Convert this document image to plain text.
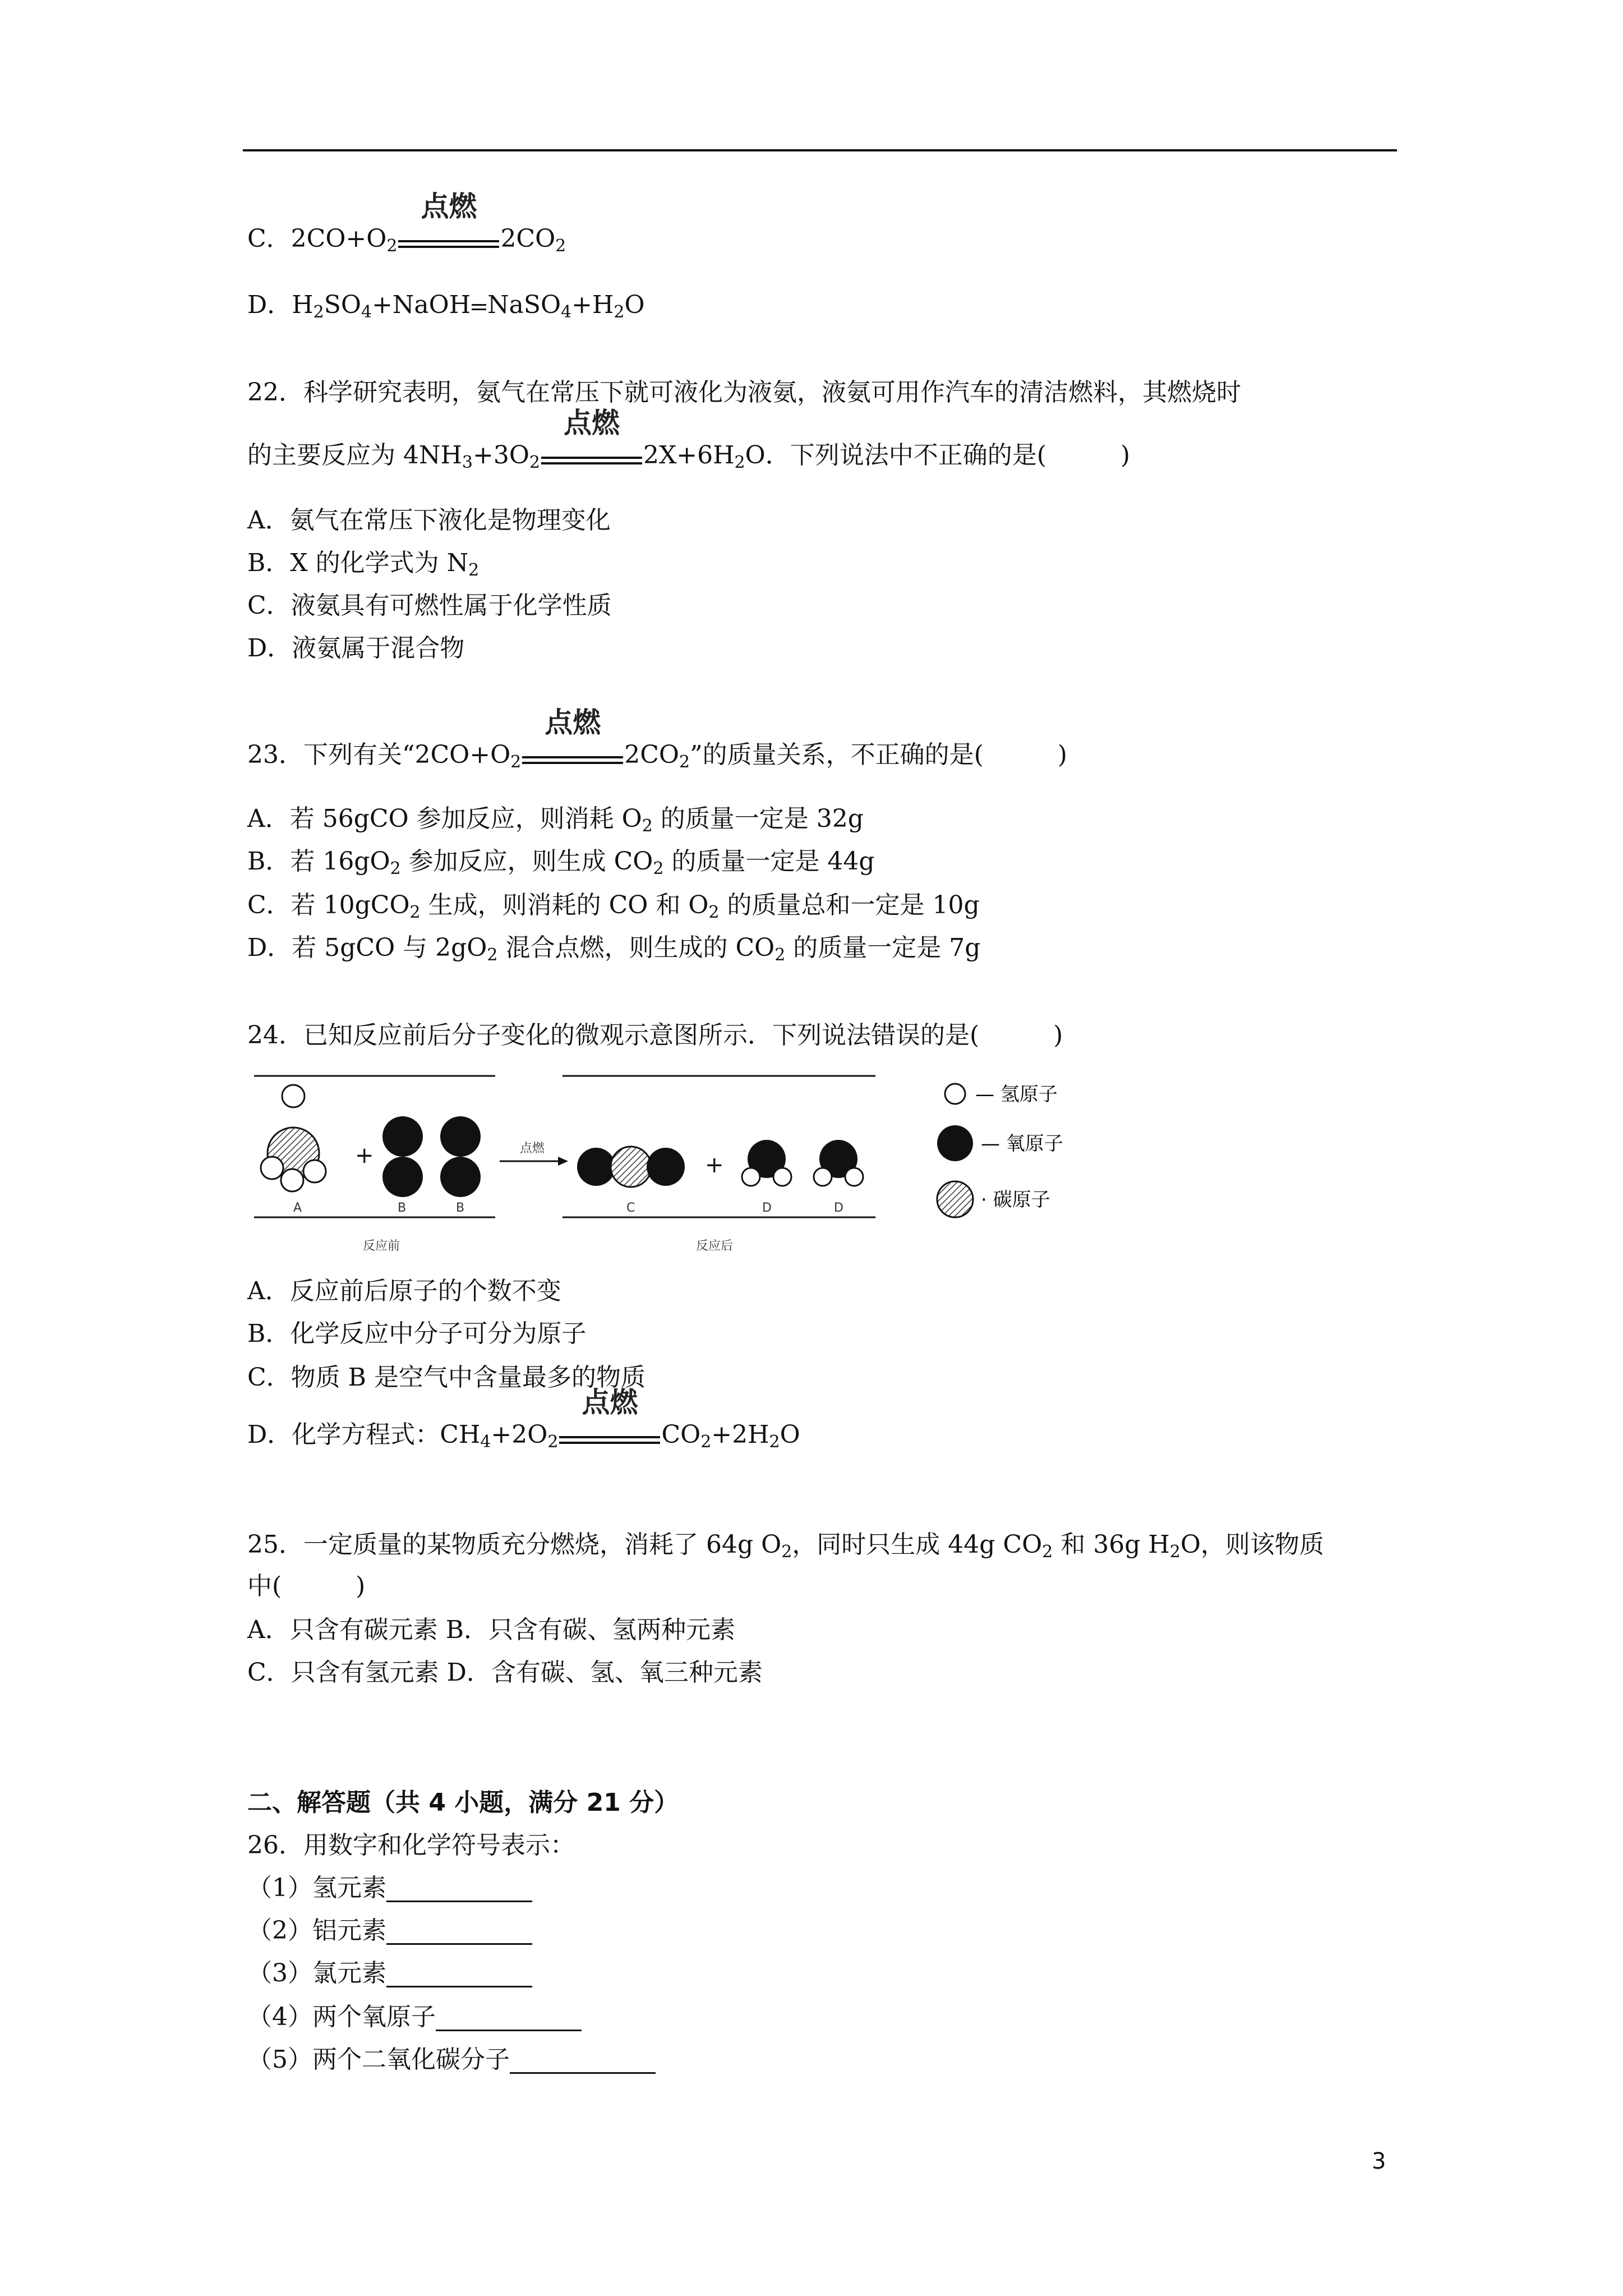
C．$2CO+O_2$
点燃
$2CO_2$
D．$H_2SO_4+NaOH$ $NaSO_4+H_2O$
22．科学研究表明，氨气在常压下就可液化为液氨，液氨可用作汽车的清洁燃料，其燃烧时
的主要反应为 $4NH_3+3O_2$
点燃
$2X+6H_2O$．下列说法中不正确的是(　　　)
A．氨气在常压下液化是物理变化
B．X 的化学式为 $N_2$
C．液氨具有可燃性属于化学性质
D．液氨属于混合物
23．下列有关“$2CO+O_2$
点燃
$2CO_2$”的质量关系，不正确的是(　　　)
A．若 56gCO 参加反应，则消耗 $O_2$ 的质量一定是 32g
B．若 $16gO_2$ 参加反应，则生成 $CO_2$ 的质量一定是 44g
C．若 10gCO$_2$ 生成，则消耗的 CO 和 $O_2$ 的质量总和一定是 10g
D．若 5gCO 与 $2gO_2$ 混合点燃，则生成的 $CO_2$ 的质量一定是 7g
24．已知反应前后分子变化的微观示意图所示．下列说法错误的是(　　　)
+
A	B	B
反应前
点燃
+
C	D	D
反应后
— 氢原子
— 氧原子
· 碳原子
A．反应前后原子的个数不变
B．化学反应中分子可分为原子
C．物质 B 是空气中含量最多的物质
D．化学方程式：$CH_4+2O_2$
点燃
$CO_2+2H_2O$
25．一定质量的某物质充分燃烧，消耗了 64g $O_2$，同时只生成 44g $CO_2$ 和 36g $H_2O$，则该物质
中(　　　)
A．只含有碳元素 B．只含有碳、氢两种元素
C．只含有氢元素 D．含有碳、氢、氧三种元素
二、解答题（共 4 小题，满分 21 分）
26．用数字和化学符号表示：
（1）氢元素
（2）铝元素
（3）氯元素
（4）两个氧原子
（5）两个二氧化碳分子
3
